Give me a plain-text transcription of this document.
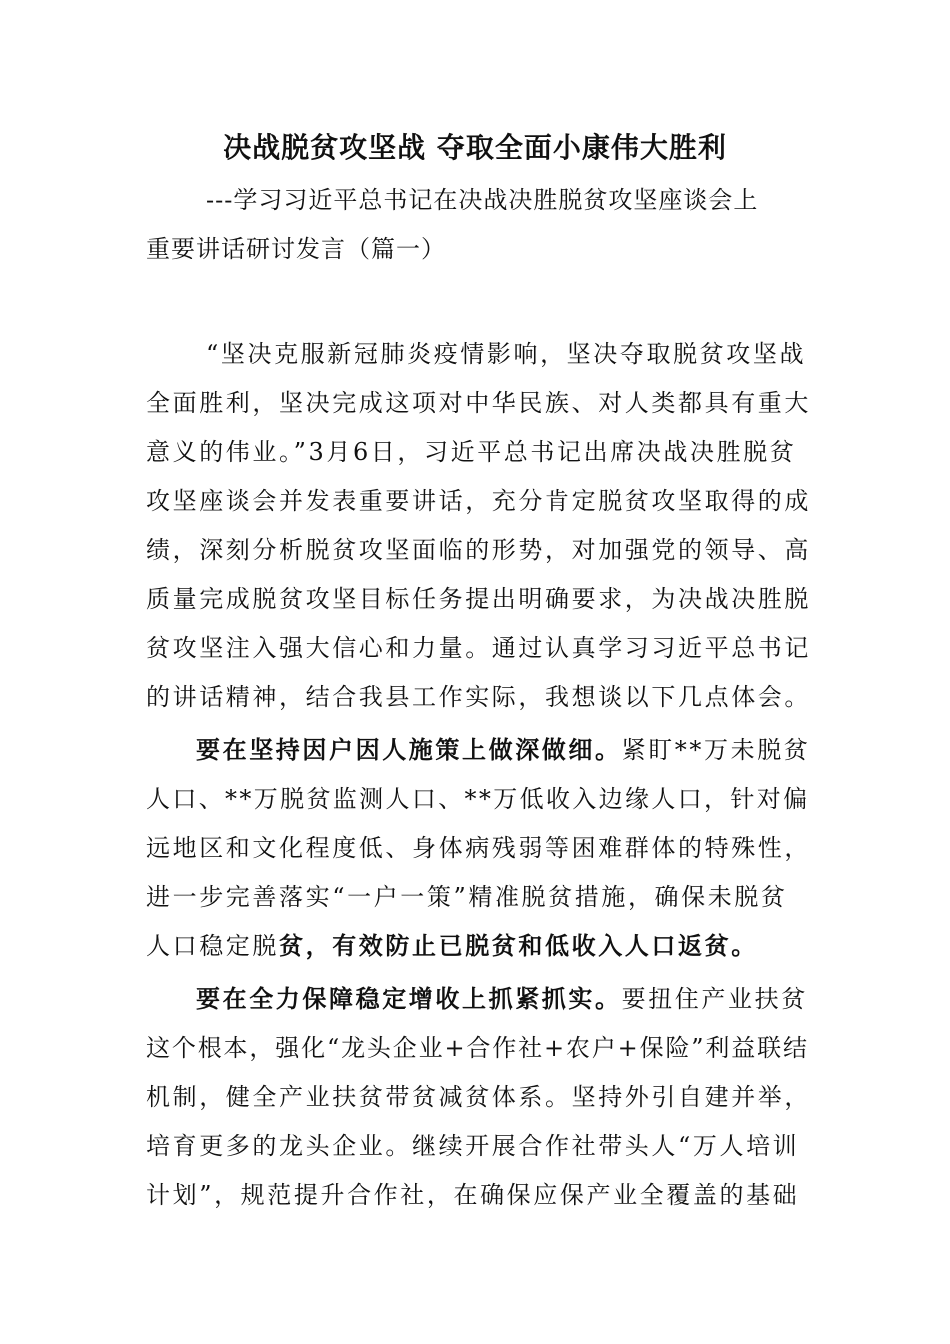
决战脱贫攻坚战 夺取全面小康伟大胜利
---学习习近平总书记在决战决胜脱贫攻坚座谈会上
重要讲话研讨发言（篇一）
“坚决克服新冠肺炎疫情影响，坚决夺取脱贫攻坚战
全面胜利，坚决完成这项对中华民族、对人类都具有重大
意义的伟业。”3月6日，习近平总书记出席决战决胜脱贫
攻坚座谈会并发表重要讲话，充分肯定脱贫攻坚取得的成
绩，深刻分析脱贫攻坚面临的形势，对加强党的领导、高
质量完成脱贫攻坚目标任务提出明确要求，为决战决胜脱
贫攻坚注入强大信心和力量。通过认真学习习近平总书记
的讲话精神，结合我县工作实际，我想谈以下几点体会。
要在坚持因户因人施策上做深做细。紧盯**万未脱贫
人口、**万脱贫监测人口、**万低收入边缘人口，针对偏
远地区和文化程度低、身体病残弱等困难群体的特殊性，
进一步完善落实“一户一策”精准脱贫措施，确保未脱贫
人口稳定脱贫，有效防止已脱贫和低收入人口返贫。
要在全力保障稳定增收上抓紧抓实。要扭住产业扶贫
这个根本，强化“龙头企业+合作社+农户+保险”利益联结
机制，健全产业扶贫带贫减贫体系。坚持外引自建并举，
培育更多的龙头企业。继续开展合作社带头人“万人培训
计划”，规范提升合作社，在确保应保产业全覆盖的基础
